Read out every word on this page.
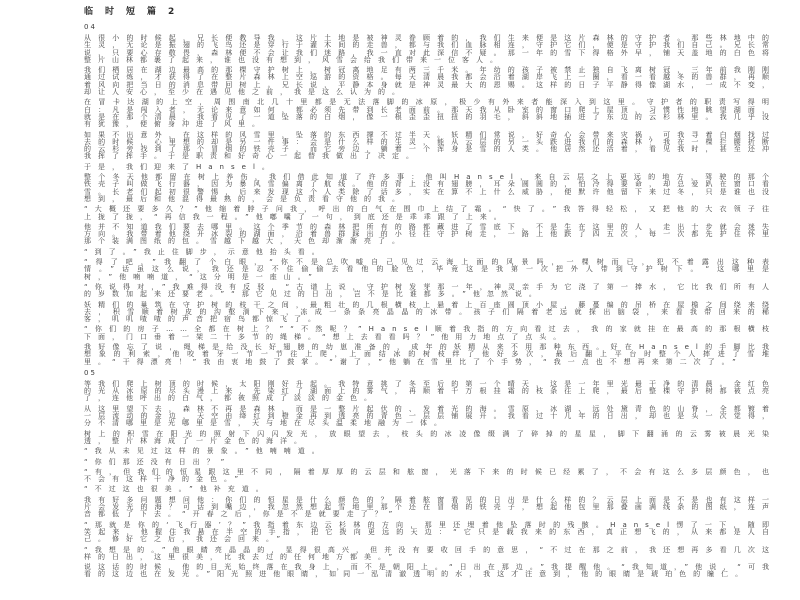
临时短篇2
04

从很小的时候起，兄长便教导我，这片土地是被神灵眷顾着的，我们生来便是这片森林的守护者。那些林地中的生灵，无论是振翅的飞鸟还是穿行于灌木间的走兽，都与我们血脉相连，守护它们，便是守护我们自己。兄长常说，只要心存敬畏，森林便不会让我们迷路，我一直对此深信不疑。那一年的雪下得格外早，铺天盖地的白色将整片山林都裹了起来，谁也没有想到，风雪会给我们带来一位客人。

我们栖居在湖边最高的那棵守护树上，树冠离地足有两三千米。年幼的孩子被禁止独自飞离树冠，三年前我刚刚通过试炼，才获得了在整片森林上空巡游的资格。每天清晨我都会沿着湖岸飞上一圈，看一看越冬的兽群，再顺着风向把当日的消息带回树上。兄长说，平静本身就是神灵最大的恩赐。这样的日子平静得像湖水，一成不变，却让人安心，至少在遇见他之前，我是这么认为的。

在冒卡达湖的上空，周围南北几十里都是无法落脚的冰原，极少有外来者能深入到这里。守护者的职责写得明白：凡是闯入者，无论来意如何，都必须先带到长老面前。那天我从卧室的窗口爬上屋顶，习惯性地眺望湖面，就是在那个清晨，我看见了一道坠落的白烟，像一根歪歪扭扭的羽毛，斜斜地插进了东边的云杉林里。我几乎没有犹豫，便俯身冲进了风里。

如果不出意外，在这样的风雪里，坠落的东西撑不过半天。妖精们常说，好奇心会带来灾祸，可我寻着白烟找过去的时候，心里想的却是另一件事：会是什么样的生灵，能从云层的另一头跌进我们的森林？我在一棵拦腰折断的云杉旁找到了那个冒烟的铁壳子，而它旁边，躺着一个浑身是雪的人类。他居然还活着，看见我时，甚至还冲我挥了挥手。于是职责和好奇心一起替我做出了决定。

于是，我们迎来了Hansel。

整个冬天他都留在树上养伤，我们借此知道了许多事：他叫Hansel，来自云层之上更远的地方，驾驶的那个铁壳子叫做飞行器，因为暴风雪偏离了航线。他的背上没有翅膀，耳朵圆圆的，怕冷得要命，却总爱趴在窗口看雪。长老们起初很警惕，后来发现这个人类除了话多，实在算不上什么威胁，便默许他留下来过冬，只是谁也没想到，最后和他混得最熟的，会是负责看守他的我。

“大概还要多久？”他缩着脖子问我，呼出的白气在围巾上结了霜。“快了。”我答得轻松，又把他的大衣领子往上拢了拢，“再信我一程。”他嘟囔了一句，到底还是乖乖跟了上来。

他并不知道我们要去哪里。这个季节的森林把所有的路都藏进了雪底下，不是生在这里的人，走出十步就会迷失方向。我带着他绕开冰裂的湖面，沿着兽群踩出的小径往守护树走，一路上他跌了四五次，每一次都先护住怀里那个装满图纸的包。雪越下越大，天色却渐渐亮了。

“到了。”我止住脚步，示意他抬头看。

“得了吧，”我翻了个白眼，“你不是总吹嘘自己见过云海上面的风景吗，一棵树而已，犯不着露出这种表情。”话虽这么说，我还是忍不住偷偷去看他的脸色，毕竟这是我第一次把外人带到守护树下。“这哪里是树，”他喃喃道，“这分明是一座山。”

“你说得对，”我难得没有反驳，“古谱上说，守护树发芽那一年，神灵亲手为它浇了第一捧水，它比我们所有人的岁数加起来还要老。”“那它见过的日出，岂不是比谁都多。”他忽然说。

妖精们的巢筑在守护树的枝干之间，最粗壮的几根横枝上悬着上百座圆顶小屋，藤蔓编的吊桥在屋檐之间绕来绕去，积雪顺着树皮的沟壑淌下来，冻成一条条亮晶晶的冰带。孩子们隔着老远就探出脑袋，来看我带回来的稀客，叽叽喳喳的声音把宿鸟都惊飞了。

“你们的房子……全都在树上？”“不然呢？”Hansel顺着我指的方向看过去，我的家就挂在最高的那根横枝下面，门口垂着一架二十多节的绳梯。“想上去看看吗？”他用力地点了点头。

我好像忘了说，绳梯是给没长好翅膀的幼崽准备的，成年的妖精从来不用那种东西。好在Hansel的手脚比我想象的利索，他咬着牙一节一节往上爬，上面结冰的树枝绊了他好多次，最后翻上平台时整个人摔进了雪堆里。“干得漂亮！”我由衷地鼓了鼓掌。“谢了，”他躺在雪里比了个手势，“我一点也不想再来第二次了。”

05

等我们爬上树顶的时候，太阳刚好升起。我特意挑了冬至后的第一个晴天，这是一年里光最干净的清晨。金红色的光从冰原的尽头漫上来，先染红了湖面上的雾气，再顺着千万根挂霜的枝条往上爬，最后整棵守护树都被点亮了，连他呼出的白气，都被照成了淡淡的金色。

从这里望下去，森林不再是森林，而是一整片起伏的、发着光的海。雪原、冰湖、远处黛青色的山脊，全都镀着一层流动的金边，天空由绛红到橙金再到透亮的青色一层层铺展开。我看过十几年的日出，却也是头一次觉得，分不清哪里是光哪里是雪，天与地在尽头温柔地融为一体。

树上的积雪在阳光的照射下闪闪发光，放眼望去，枝头的冰凌像缀满了碎掉的星星，脚下翻涌的云雾被晨光染透，整片林海成了一片金色的海洋。

“我从未见过这样的景象。”他喃喃道。

“你们那还没有日出？”

“有，但我们的恒星跟这里不同，隔着厚厚的云层和舷窗，光落下来的时候已经累了，不会有这么多层颜色，也不会有这样干净的金色。”

“不过这也很美。”他补充道。

我有好多问题想问他：你们的恒星是什么颜色的？隔着舷窗看见的日出是什么样的？云层上面是不是也有这样一片会发光的海？可话到嘴边，我忽然想起雪地里那个还在冒烟的铁壳子，想起他包里那叠画满线条的图纸，连声音都低了下去。“开春之后，你是不是就要走了？”

“那就是你的‘飞行器’？”我指着东边云杉林的方向，那里还埋着他坠落时的残骸。Hansel愣了一下，随即笑起来，他握住我悬在半空的手指，把它拨向更远的天边：“它只是载我来的东西，真正想飞的，从来都是人自己。修好它之后，我还会回来。”

“我想是的。”他眼睛亮晶晶的，显得很高兴，但并没有要收回手的意思，“不过在那之前，我还想再多看几次这样的日出，这里很美，比我去过的任何地方都美。”

说这话的时候，他的目光始终落在我身上，而不是朝阳上。“日出在那边。”我提醒他。“我知道，”他说，“可我看的这边也在发光。”阳光照进他眼睛，如同一泓清澈透明的水，我这才注意到，他的眼睛是琥珀色的瞳仁。
